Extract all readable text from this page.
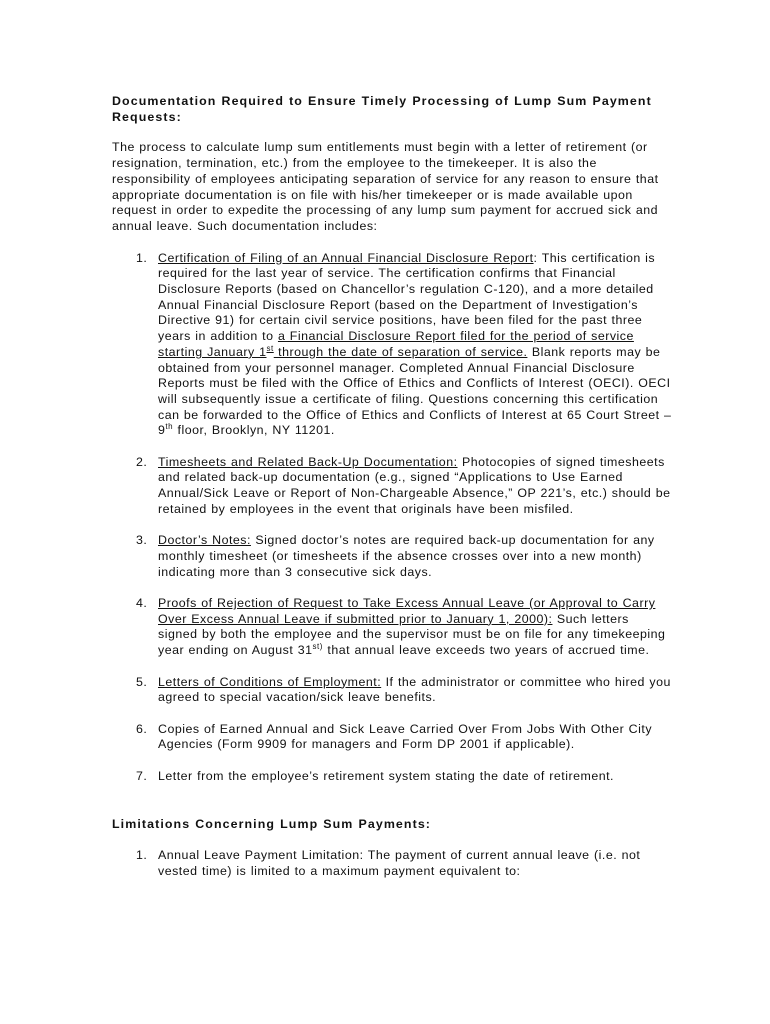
Documentation Required to Ensure Timely Processing of Lump Sum Payment Requests:

The process to calculate lump sum entitlements must begin with a letter of retirement (or resignation, termination, etc.) from the employee to the timekeeper. It is also the responsibility of employees anticipating separation of service for any reason to ensure that appropriate documentation is on file with his/her timekeeper or is made available upon request in order to expedite the processing of any lump sum payment for accrued sick and annual leave. Such documentation includes:

1. Certification of Filing of an Annual Financial Disclosure Report: This certification is required for the last year of service. The certification confirms that Financial Disclosure Reports (based on Chancellor’s regulation C-120), and a more detailed Annual Financial Disclosure Report (based on the Department of Investigation’s Directive 91) for certain civil service positions, have been filed for the past three years in addition to a Financial Disclosure Report filed for the period of service starting January 1st through the date of separation of service. Blank reports may be obtained from your personnel manager. Completed Annual Financial Disclosure Reports must be filed with the Office of Ethics and Conflicts of Interest (OECI). OECI will subsequently issue a certificate of filing. Questions concerning this certification can be forwarded to the Office of Ethics and Conflicts of Interest at 65 Court Street – 9th floor, Brooklyn, NY 11201.
2. Timesheets and Related Back-Up Documentation: Photocopies of signed timesheets and related back-up documentation (e.g., signed “Applications to Use Earned Annual/Sick Leave or Report of Non-Chargeable Absence,” OP 221’s, etc.) should be retained by employees in the event that originals have been misfiled.
3. Doctor’s Notes: Signed doctor’s notes are required back-up documentation for any monthly timesheet (or timesheets if the absence crosses over into a new month) indicating more than 3 consecutive sick days.
4. Proofs of Rejection of Request to Take Excess Annual Leave (or Approval to Carry Over Excess Annual Leave if submitted prior to January 1, 2000): Such letters signed by both the employee and the supervisor must be on file for any timekeeping year ending on August $31^{st)}$ that annual leave exceeds two years of accrued time.
5. Letters of Conditions of Employment: If the administrator or committee who hired you agreed to special vacation/sick leave benefits.
6. Copies of Earned Annual and Sick Leave Carried Over From Jobs With Other City Agencies (Form 9909 for managers and Form DP 2001 if applicable).
7. Letter from the employee’s retirement system stating the date of retirement.

Limitations Concerning Lump Sum Payments:

1. Annual Leave Payment Limitation: The payment of current annual leave (i.e. not vested time) is limited to a maximum payment equivalent to:
